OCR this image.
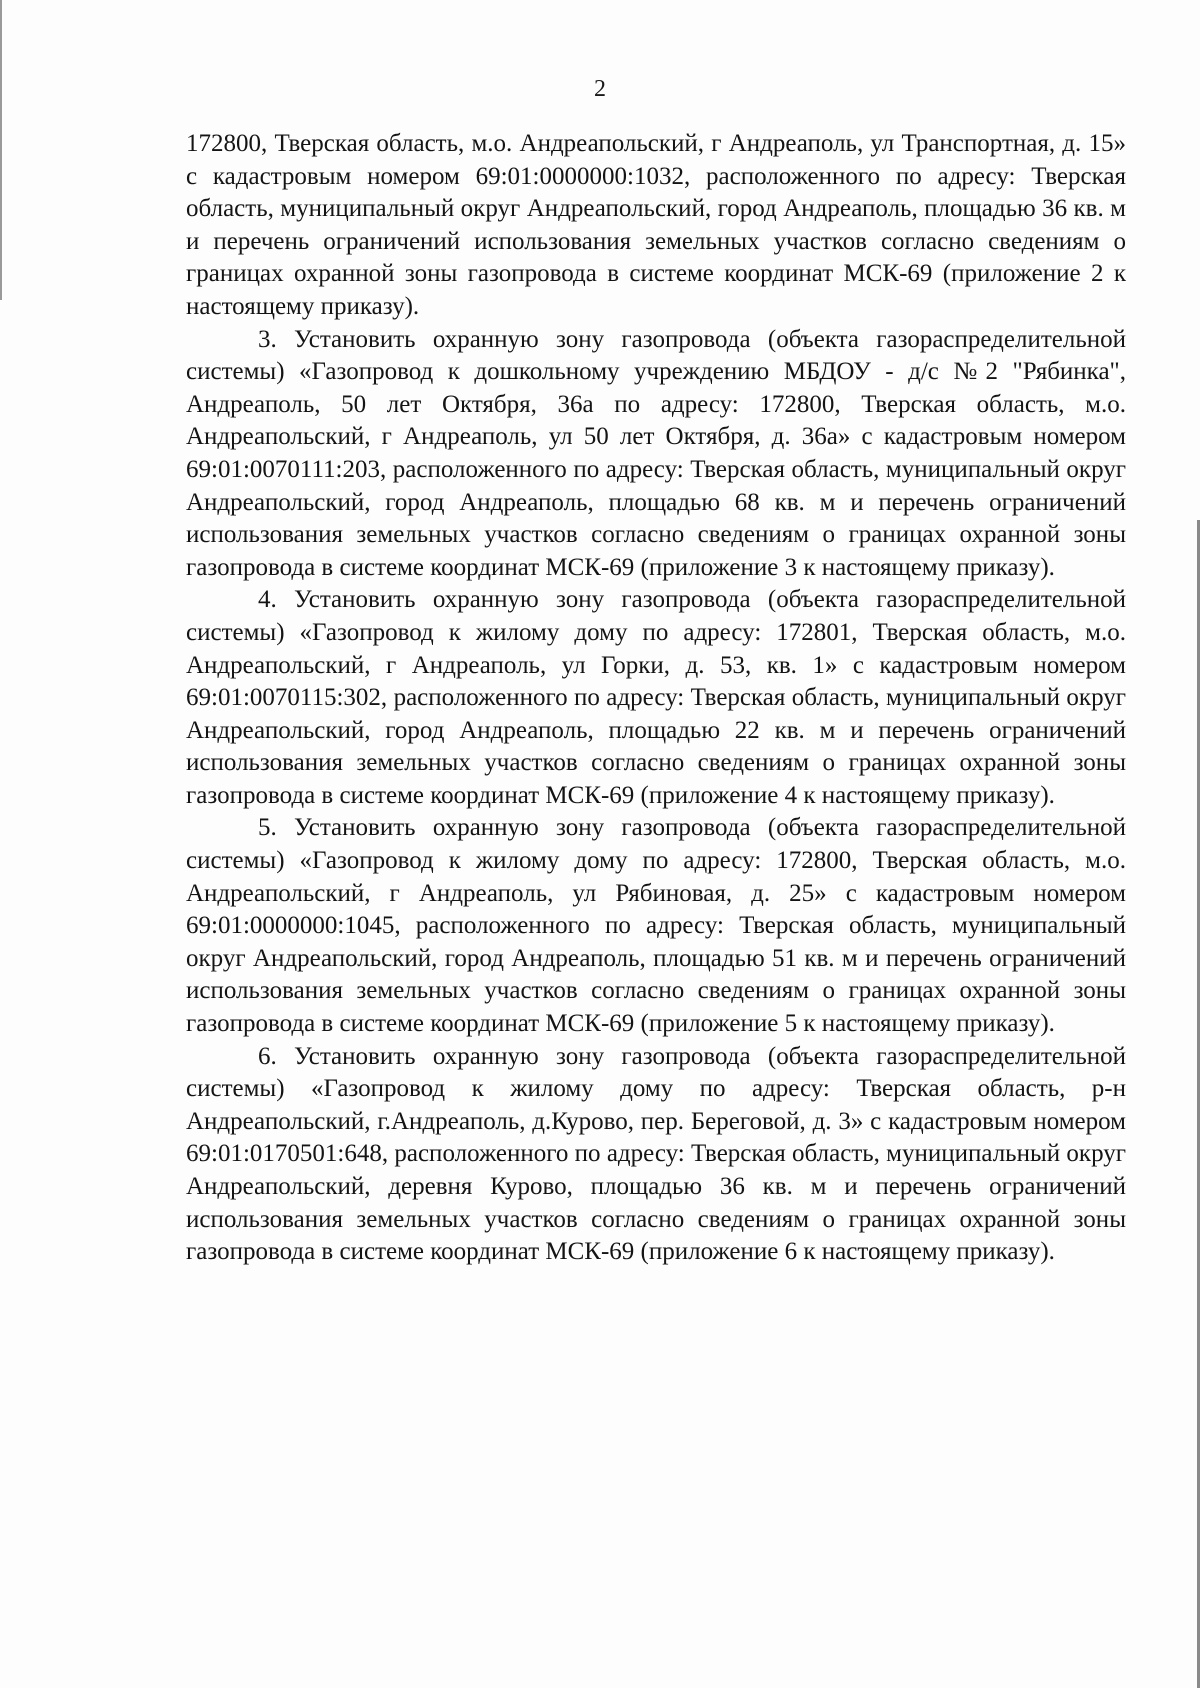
2

172800, Тверская область, м.о. Андреапольский, г Андреаполь, ул Транспортная, д. 15» с кадастровым номером 69:01:0000000:1032, расположенного по адресу: Тверская область, муниципальный округ Андреапольский, город Андреаполь, площадью 36 кв. м и перечень ограничений использования земельных участков согласно сведениям о границах охранной зоны газопровода в системе координат МСК-69 (приложение 2 к настоящему приказу).

3. Установить охранную зону газопровода (объекта газораспределительной системы) «Газопровод к дошкольному учреждению МБДОУ - д/с №2 "Рябинка", Андреаполь, 50 лет Октября, 36а по адресу: 172800, Тверская область, м.о. Андреапольский, г Андреаполь, ул 50 лет Октября, д. 36а» с кадастровым номером 69:01:0070111:203, расположенного по адресу: Тверская область, муниципальный округ Андреапольский, город Андреаполь, площадью 68 кв. м и перечень ограничений использования земельных участков согласно сведениям о границах охранной зоны газопровода в системе координат МСК-69 (приложение 3 к настоящему приказу).

4. Установить охранную зону газопровода (объекта газораспределительной системы) «Газопровод к жилому дому по адресу: 172801, Тверская область, м.о. Андреапольский, г Андреаполь, ул Горки, д. 53, кв. 1» с кадастровым номером 69:01:0070115:302, расположенного по адресу: Тверская область, муниципальный округ Андреапольский, город Андреаполь, площадью 22 кв. м и перечень ограничений использования земельных участков согласно сведениям о границах охранной зоны газопровода в системе координат МСК-69 (приложение 4 к настоящему приказу).

5. Установить охранную зону газопровода (объекта газораспределительной системы) «Газопровод к жилому дому по адресу: 172800, Тверская область, м.о. Андреапольский, г Андреаполь, ул Рябиновая, д. 25» с кадастровым номером 69:01:0000000:1045, расположенного по адресу: Тверская область, муниципальный округ Андреапольский, город Андреаполь, площадью 51 кв. м и перечень ограничений использования земельных участков согласно сведениям о границах охранной зоны газопровода в системе координат МСК-69 (приложение 5 к настоящему приказу).

6. Установить охранную зону газопровода (объекта газораспределительной системы) «Газопровод к жилому дому по адресу: Тверская область, р-н Андреапольский, г.Андреаполь, д.Курово, пер. Береговой, д. 3» с кадастровым номером 69:01:0170501:648, расположенного по адресу: Тверская область, муниципальный округ Андреапольский, деревня Курово, площадью 36 кв. м и перечень ограничений использования земельных участков согласно сведениям о границах охранной зоны газопровода в системе координат МСК-69 (приложение 6 к настоящему приказу).
